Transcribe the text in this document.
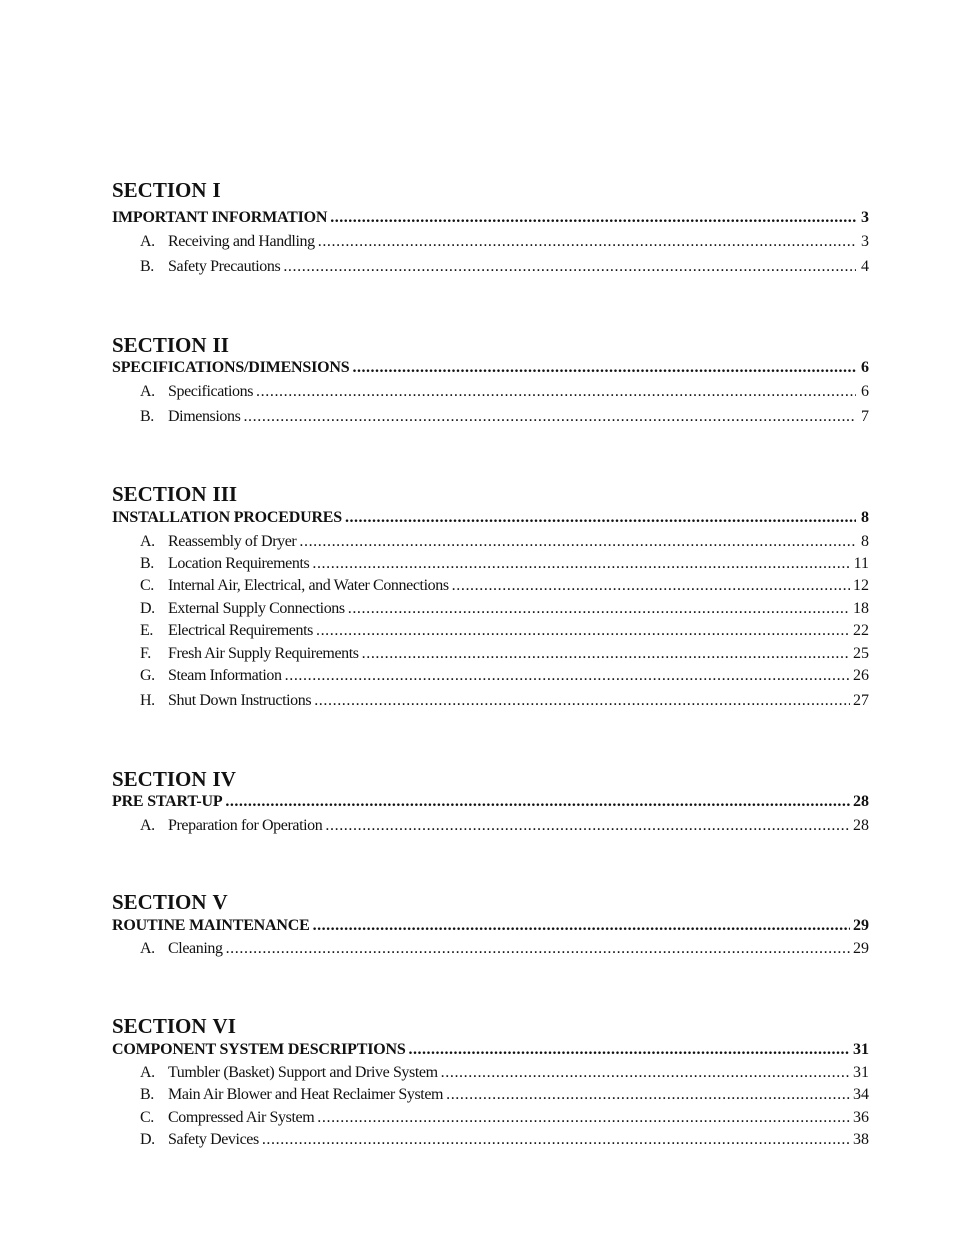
SECTION I
IMPORTANT INFORMATION .....	3
A. Receiving and Handling .....	3
B. Safety Precautions .....	4
SECTION II
SPECIFICATIONS/DIMENSIONS .....	6
A. Specifications .....	6
B. Dimensions .....	7
SECTION III
INSTALLATION PROCEDURES .....	8
A. Reassembly of Dryer .....	8
B. Location Requirements .....	11
C. Internal Air, Electrical, and Water Connections .....	12
D. External Supply Connections .....	18
E. Electrical Requirements .....	22
F.	Fresh Air Supply Requirements .....	25
G. Steam Information .....	26
H. Shut Down Instructions .....	27
SECTION IV
PRE START-UP .....	28
A. Preparation for Operation .....	28
SECTION V
ROUTINE MAINTENANCE .....	29
A. Cleaning .....	29
SECTION VI
COMPONENT SYSTEM DESCRIPTIONS .....	31
A. Tumbler (Basket) Support and Drive System .....	31
B. Main Air Blower and Heat Reclaimer System .....	34
C. Compressed Air System .....	36
D. Safety Devices .....	38
